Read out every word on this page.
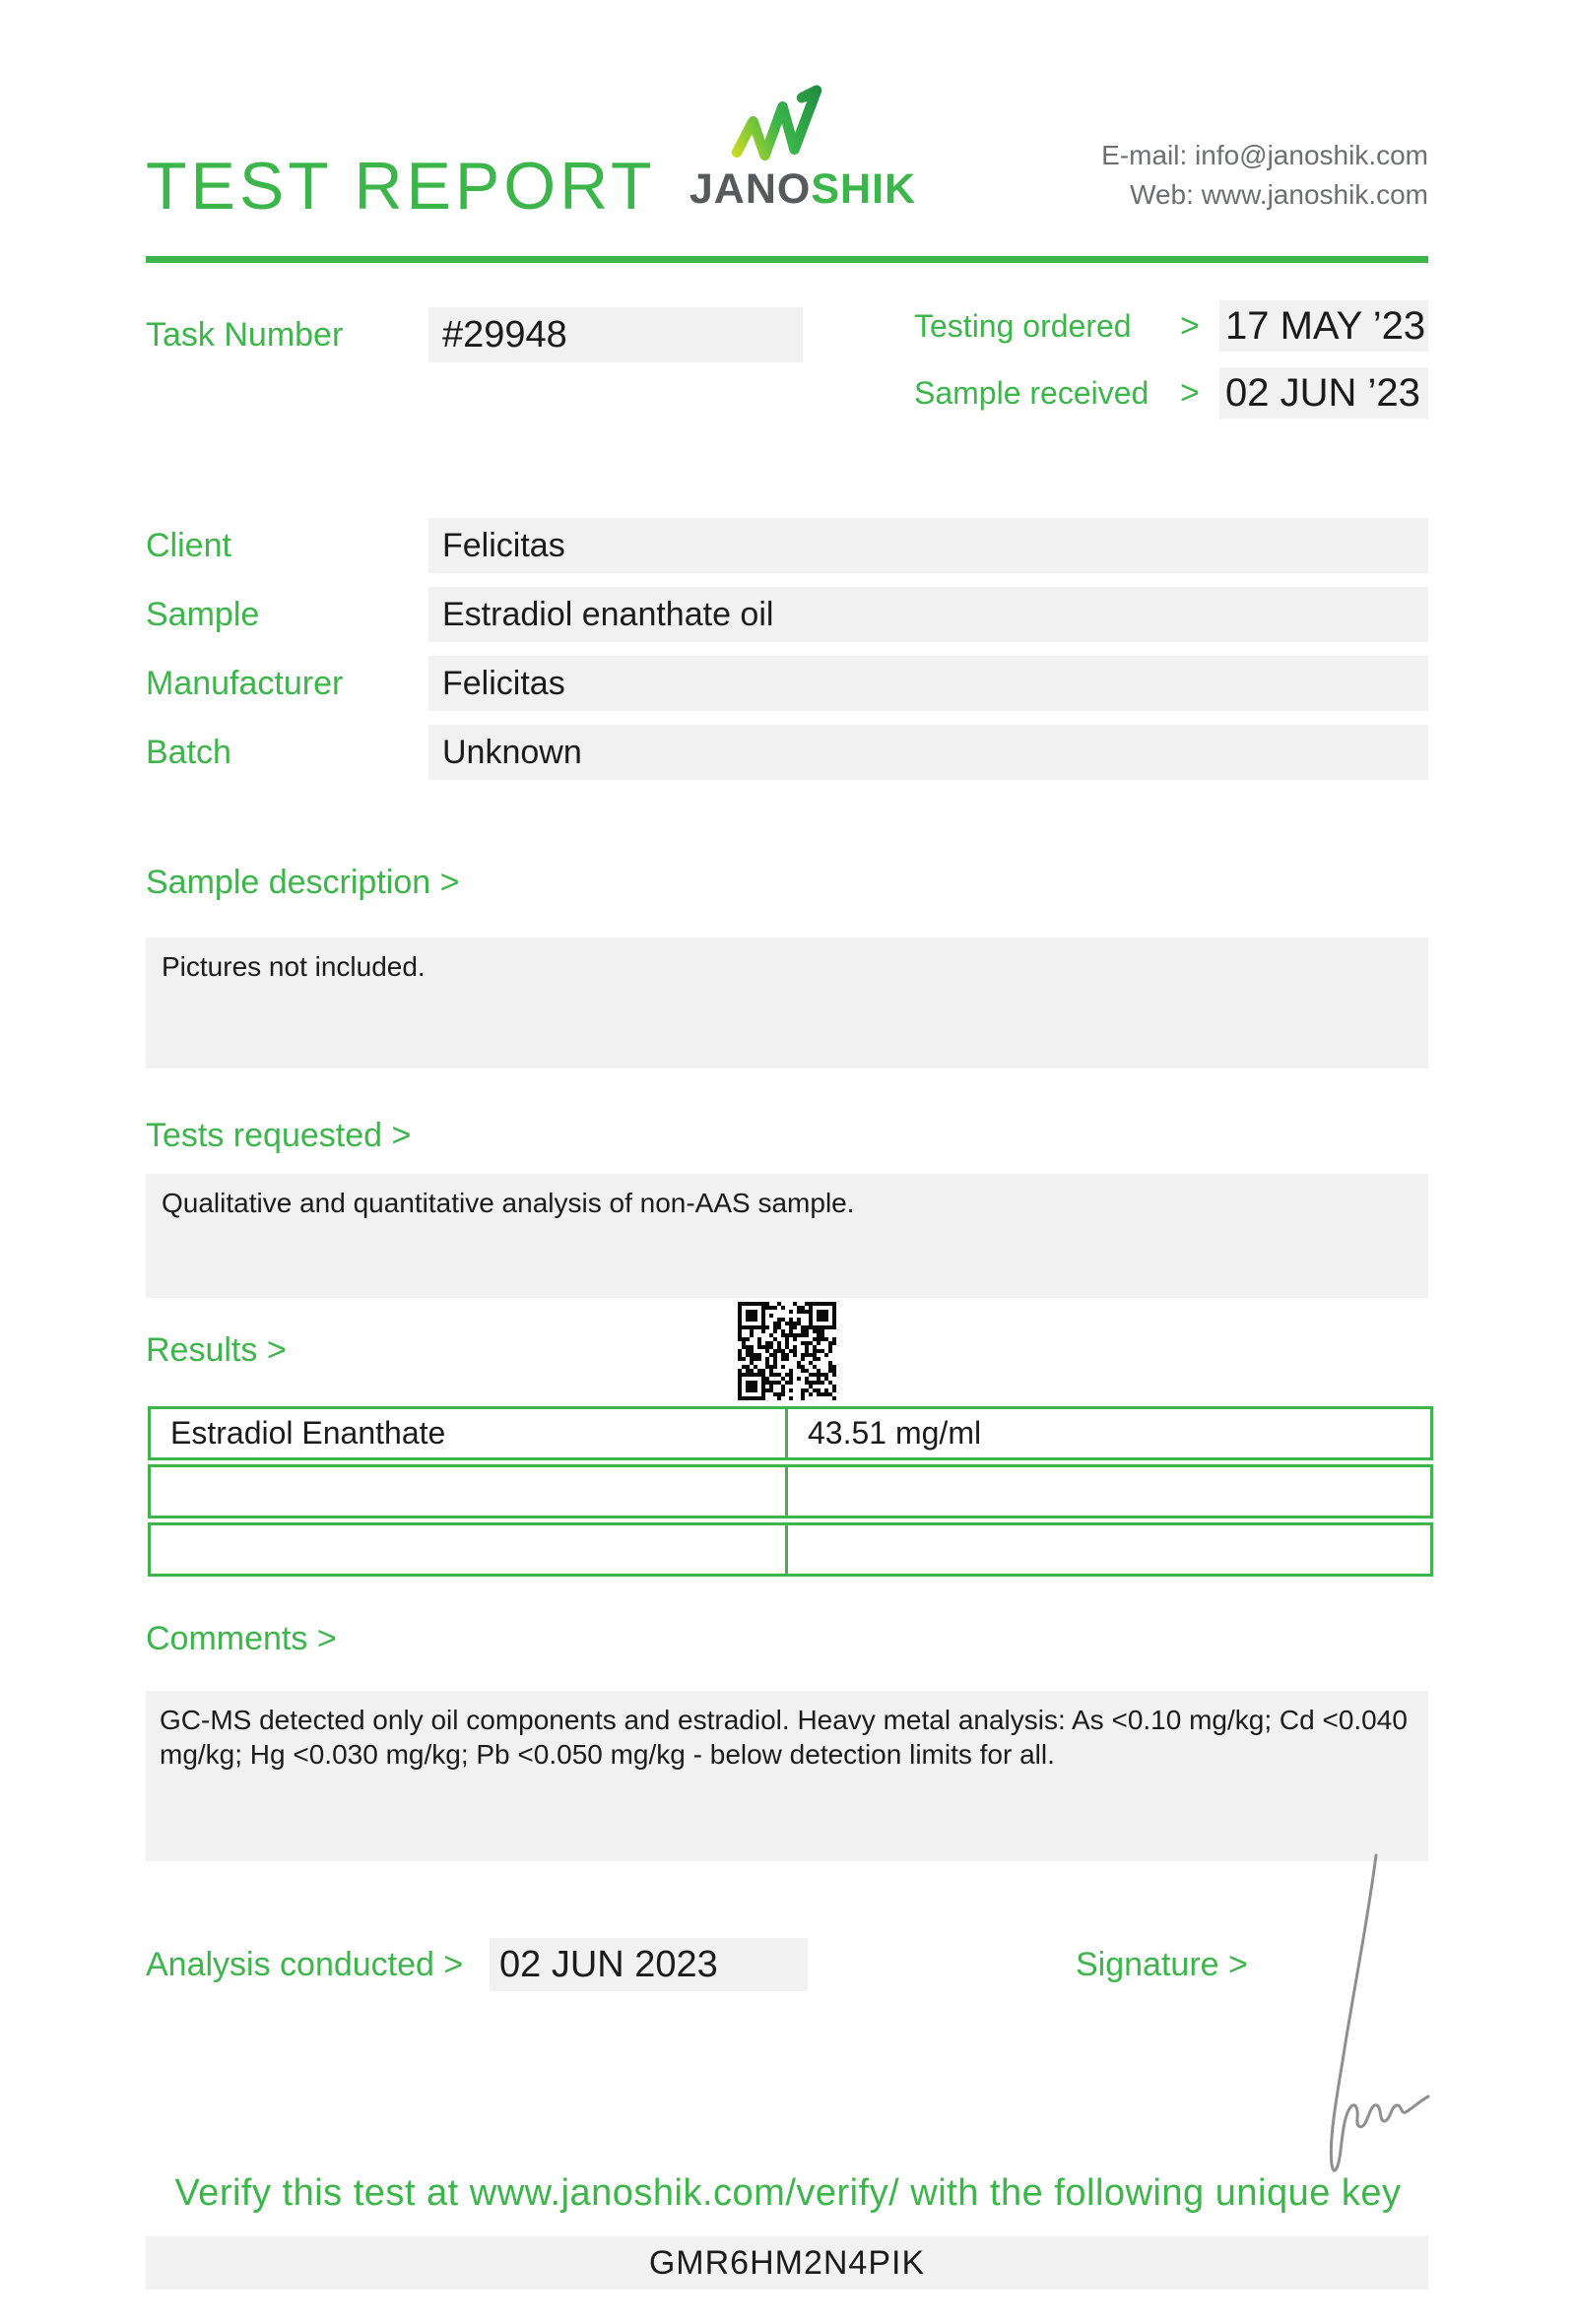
TEST REPORT JANOSHIK
E-mail: info@janoshik.com
Web: www.janoshik.com
Task Number	#29948	Testing ordered > 17 MAY ’23
Sample received > 02 JUN ’23
Client	Felicitas
Sample	Estradiol enanthate oil
Manufacturer	Felicitas
Batch	Unknown
Sample description >
Pictures not included.
Tests requested >
Qualitative and quantitative analysis of non-AAS sample.
Results >
Estradiol Enanthate	43.51 mg/ml
Comments >
GC-MS detected only oil components and estradiol. Heavy metal analysis: As <0.10 mg/kg; Cd <0.040 mg/kg; Hg <0.030 mg/kg; Pb <0.050 mg/kg - below detection limits for all.
Analysis conducted > 02 JUN 2023	Signature >
Verify this test at www.janoshik.com/verify/ with the following unique key
GMR6HM2N4PIK
